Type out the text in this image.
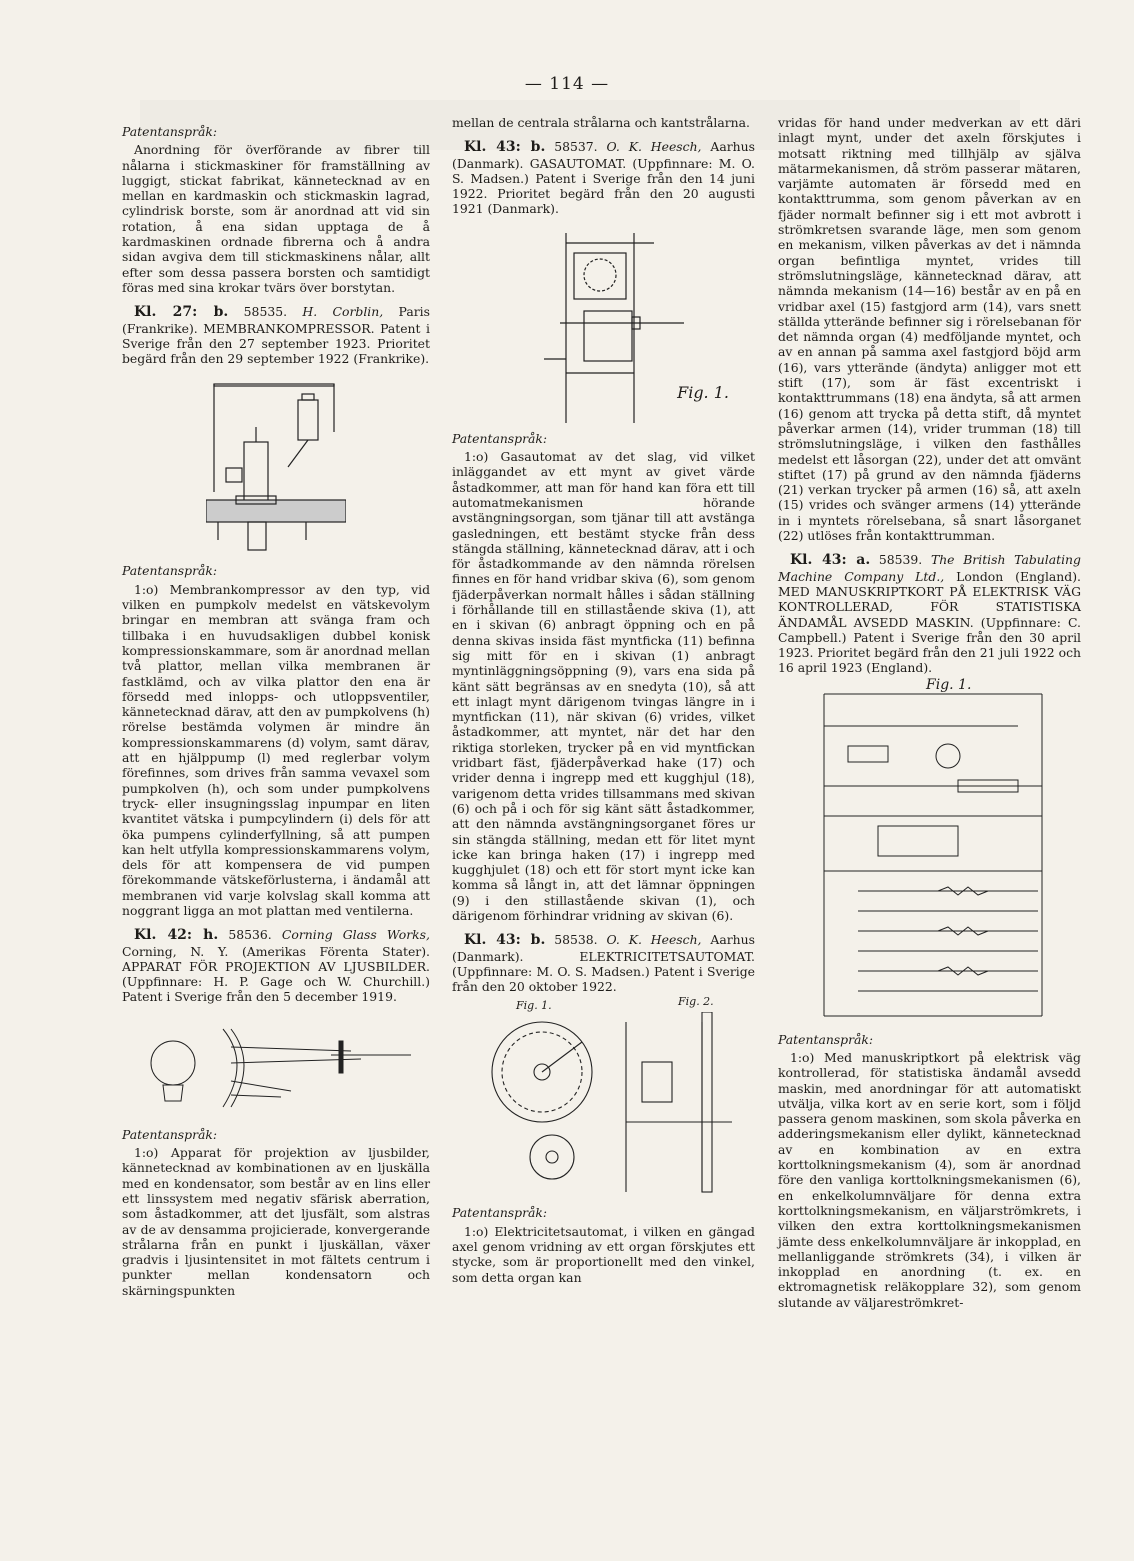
— 114 —

Patentanspråk:

Anordning för överförande av fibrer till nålarna i stickmaskiner för framställning av luggigt, stickat fabrikat, kännetecknad av en mellan en kardmaskin och stickmaskin lagrad, cylindrisk borste, som är anordnad att vid sin rotation, å ena sidan upptaga de å kardmaskinen ordnade fibrerna och å andra sidan avgiva dem till stickmaskinens nålar, allt efter som dessa passera borsten och samtidigt föras med sina krokar tvärs över borstytan.

Kl. 27: b. 58535. H. Corblin, Paris (Frankrike). MEMBRANKOMPRESSOR. Patent i Sverige från den 27 september 1923. Prioritet begärd från den 29 september 1922 (Frankrike).

Patentanspråk:

1:o) Membrankompressor av den typ, vid vilken en pumpkolv medelst en vätskevolym bringar en membran att svänga fram och tillbaka i en huvudsakligen dubbel konisk kompressionskammare, som är anordnad mellan två plattor, mellan vilka membranen är fastklämd, och av vilka plattor den ena är försedd med inlopps- och utloppsventiler, kännetecknad därav, att den av pumpkolvens (h) rörelse bestämda volymen är mindre än kompressionskammarens (d) volym, samt därav, att en hjälppump (l) med reglerbar volym förefinnes, som drives från samma vevaxel som pumpkolven (h), och som under pumpkolvens tryck- eller insugningsslag inpumpar en liten kvantitet vätska i pumpcylindern (i) dels för att öka pumpens cylinderfyllning, så att pumpen kan helt utfylla kompressionskammarens volym, dels för att kompensera de vid pumpen förekommande vätskeförlusterna, i ändamål att membranen vid varje kolvslag skall komma att noggrant ligga an mot plattan med ventilerna.

Kl. 42: h. 58536. Corning Glass Works, Corning, N. Y. (Amerikas Förenta Stater). APPARAT FÖR PROJEKTION AV LJUSBILDER. (Uppfinnare: H. P. Gage och W. Churchill.) Patent i Sverige från den 5 december 1919.

Patentanspråk:

1:o) Apparat för projektion av ljusbilder, kännetecknad av kombinationen av en ljuskälla med en kondensator, som består av en lins eller ett linssystem med negativ sfärisk aberration, som åstadkommer, att det ljusfält, som alstras av de av densamma projicierade, konvergerande strålarna från en punkt i ljuskällan, växer gradvis i ljusintensitet in mot fältets centrum i punkter mellan kondensatorn och skärningspunkten

mellan de centrala strålarna och kantstrålarna.

Kl. 43: b. 58537. O. K. Heesch, Aarhus (Danmark). GASAUTOMAT. (Uppfinnare: M. O. S. Madsen.) Patent i Sverige från den 14 juni 1922. Prioritet begärd från den 20 augusti 1921 (Danmark).

Fig. 1.

Patentanspråk:

1:o) Gasautomat av det slag, vid vilket inläggandet av ett mynt av givet värde åstadkommer, att man för hand kan föra ett till automatmekanismen hörande avstängningsorgan, som tjänar till att avstänga gasledningen, ett bestämt stycke från dess stängda ställning, kännetecknad därav, att i och för åstadkommande av den nämnda rörelsen finnes en för hand vridbar skiva (6), som genom fjäderpåverkan normalt hålles i sådan ställning i förhållande till en stillastående skiva (1), att en i skivan (6) anbragt öppning och en på denna skivas insida fäst myntficka (11) befinna sig mitt för en i skivan (1) anbragt myntinläggningsöppning (9), vars ena sida på känt sätt begränsas av en snedyta (10), så att ett inlagt mynt därigenom tvingas längre in i myntfickan (11), när skivan (6) vrides, vilket åstadkommer, att myntet, när det har den riktiga storleken, trycker på en vid myntfickan vridbart fäst, fjäderpåverkad hake (17) och vrider denna i ingrepp med ett kugghjul (18), varigenom detta vrides tillsammans med skivan (6) och på i och för sig känt sätt åstadkommer, att den nämnda avstängningsorganet föres ur sin stängda ställning, medan ett för litet mynt icke kan bringa haken (17) i ingrepp med kugghjulet (18) och ett för stort mynt icke kan komma så långt in, att det lämnar öppningen (9) i den stillastående skivan (1), och därigenom förhindrar vridning av skivan (6).

Kl. 43: b. 58538. O. K. Heesch, Aarhus (Danmark). ELEKTRICITETSAUTOMAT. (Uppfinnare: M. O. S. Madsen.) Patent i Sverige från den 20 oktober 1922.

Fig. 1.	Fig. 2.

Patentanspråk:

1:o) Elektricitetsautomat, i vilken en gängad axel genom vridning av ett organ förskjutes ett stycke, som är proportionellt med den vinkel, som detta organ kan

vridas för hand under medverkan av ett däri inlagt mynt, under det axeln förskjutes i motsatt riktning med tillhjälp av själva mätarmekanismen, då ström passerar mätaren, varjämte automaten är försedd med en kontakttrumma, som genom påverkan av en fjäder normalt befinner sig i ett mot avbrott i strömkretsen svarande läge, men som genom en mekanism, vilken påverkas av det i nämnda organ befintliga myntet, vrides till strömslutningsläge, kännetecknad därav, att nämnda mekanism (14—16) består av en på en vridbar axel (15) fastgjord arm (14), vars snett ställda ytterände befinner sig i rörelsebanan för det nämnda organ (4) medföljande myntet, och av en annan på samma axel fastgjord böjd arm (16), vars ytterände (ändyta) anligger mot ett stift (17), som är fäst excentriskt i kontakttrummans (18) ena ändyta, så att armen (16) genom att trycka på detta stift, då myntet påverkar armen (14), vrider trumman (18) till strömslutningsläge, i vilken den fasthålles medelst ett låsorgan (22), under det att omvänt stiftet (17) på grund av den nämnda fjäderns (21) verkan trycker på armen (16) så, att axeln (15) vrides och svänger armens (14) ytterände in i myntets rörelsebana, så snart låsorganet (22) utlöses från kontakttrumman.

Kl. 43: a. 58539. The British Tabulating Machine Company Ltd., London (England). MED MANUSKRIPTKORT PÅ ELEKTRISK VÄG KONTROLLERAD, FÖR STATISTISKA ÄNDAMÅL AVSEDD MASKIN. (Uppfinnare: C. Campbell.) Patent i Sverige från den 30 april 1923. Prioritet begärd från den 21 juli 1922 och 16 april 1923 (England).

Fig. 1.

Patentanspråk:

1:o) Med manuskriptkort på elektrisk väg kontrollerad, för statistiska ändamål avsedd maskin, med anordningar för att automatiskt utvälja, vilka kort av en serie kort, som i följd passera genom maskinen, som skola påverka en adderingsmekanism eller dylikt, kännetecknad av en kombination av en extra korttolkningsmekanism (4), som är anordnad före den vanliga korttolkningsmekanismen (6), en enkelkolumnväljare för denna extra korttolkningsmekanism, en väljarströmkrets, i vilken den extra korttolkningsmekanismen jämte dess enkelkolumnväljare är inkopplad, en mellanliggande strömkrets (34), i vilken är inkopplad en anordning (t. ex. en ektromagnetisk reläkopplare 32), som genom slutande av väljareströmkret-
